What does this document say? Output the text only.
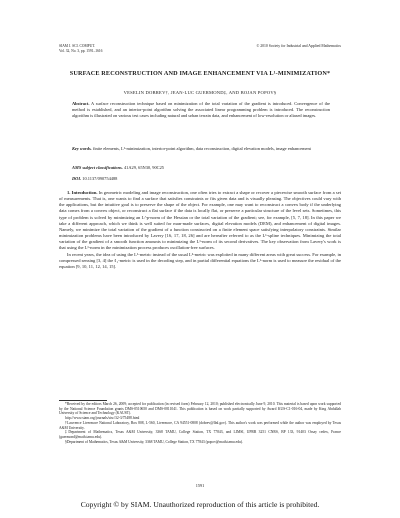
SIAM J. SCI. COMPUT.
Vol. 32, No. 3, pp. 1591–1616
© 2010 Society for Industrial and Applied Mathematics
SURFACE RECONSTRUCTION AND IMAGE ENHANCEMENT VIA L¹-MINIMIZATION*
VESELIN DOBREV†, JEAN-LUC GUERMOND‡, AND BOJAN POPOV§
Abstract. A surface reconstruction technique based on minimization of the total variation of the gradient is introduced. Convergence of the method is established, and an interior-point algorithm solving the associated linear programming problem is introduced. The reconstruction algorithm is illustrated on various test cases including natural and urban terrain data, and enhancement of low-resolution or aliased images.
Key words. finite elements, L¹-minimization, interior-point algorithm, data reconstruction, digital elevation models, image enhancement
AMS subject classifications. 41A29, 65N30, 90C25
DOI. 10.1137/090754488

1. Introduction. In geometric modeling and image reconstruction, one often tries to extract a shape or recover a piecewise smooth surface from a set of measurements. That is, one wants to find a surface that satisfies constraints or fits given data and is visually pleasing. The objectives could vary with the applications, but the intuitive goal is to preserve the shape of the object. For example, one may want to reconstruct a convex body if the underlying data comes from a convex object, or reconstruct a flat surface if the data is locally flat, or preserve a particular structure of the level sets. Sometimes, this type of problem is solved by minimizing an L^p-norm of the Hessian or the total variation of the gradient; see, for example, [5, 7, 18]. In this paper we take a different approach, which we think is well suited for man-made surfaces, digital elevation models (DEM), and enhancement of digital images. Namely, we minimize the total variation of the gradient of a function constructed on a finite element space satisfying interpolatory constraints. Similar minimization problems have been introduced by Lavery [16, 17, 18, 26] and are hereafter referred to as the L¹-spline techniques. Minimizing the total variation of the gradient of a smooth function amounts to minimizing the L¹-norm of its second derivatives. The key observation from Lavery's work is that using the L¹-norm in the minimization process produces oscillation-free surfaces.

In recent years, the idea of using the L¹-metric instead of the usual L²-metric was exploited in many different areas with great success. For example, in compressed sensing [3, 4] the ℓ₁-metric is used in the decoding step, and in partial differential equations the L¹-norm is used to measure the residual of the equation [9, 10, 11, 12, 14, 15].

*Received by the editors March 26, 2009; accepted for publication (in revised form) February 12, 2010; published electronically June 9, 2010. This material is based upon work supported by the National Science Foundation grants DMS-0510650 and DMS-0811041. This publication is based on work partially supported by Award KUS-C1-016-04, made by King Abdullah University of Science and Technology (KAUST).

http://www.siam.org/journals/sisc/32-3/75488.html

†Lawrence Livermore National Laboratory, Box 808, L-560, Livermore, CA 94551-0808 (dobrev@llnl.gov). This author's work was performed while the author was employed by Texas A&M University.

‡Department of Mathematics, Texas A&M University, 3368 TAMU, College Station, TX 77843, and LIMSI, UPRR 3251 CNRS, BP 133, 91403 Orsay cedex, France (guermond@math.tamu.edu).

§Department of Mathematics, Texas A&M University, 3368 TAMU, College Station, TX 77843 (popov@math.tamu.edu).

1591
Copyright © by SIAM. Unauthorized reproduction of this article is prohibited.
